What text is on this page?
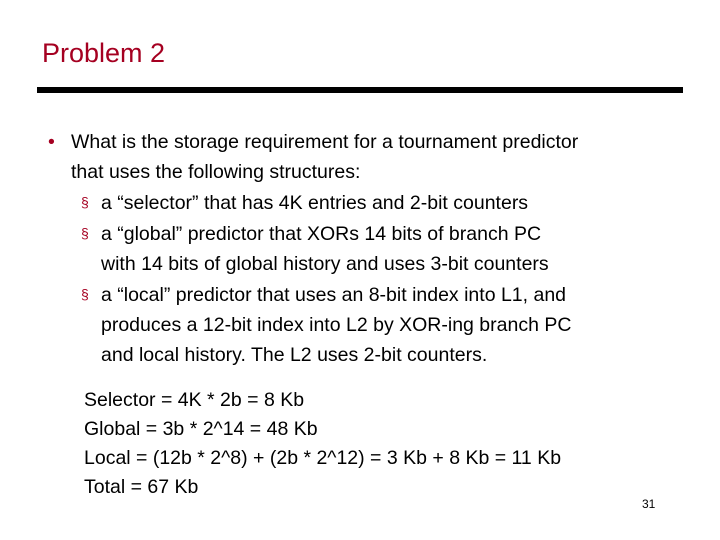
Problem 2
• What is the storage requirement for a tournament predictor
that uses the following structures:
§ a “selector” that has 4K entries and 2-bit counters
§ a “global” predictor that XORs 14 bits of branch PC
with 14 bits of global history and uses 3-bit counters
§ a “local” predictor that uses an 8-bit index into L1, and
produces a 12-bit index into L2 by XOR-ing branch PC
and local history. The L2 uses 2-bit counters.
Selector = 4K * 2b = 8 Kb
Global = 3b * 2^14 = 48 Kb
Local = (12b * 2^8) + (2b * 2^12) = 3 Kb + 8 Kb = 11 Kb
Total = 67 Kb
31
